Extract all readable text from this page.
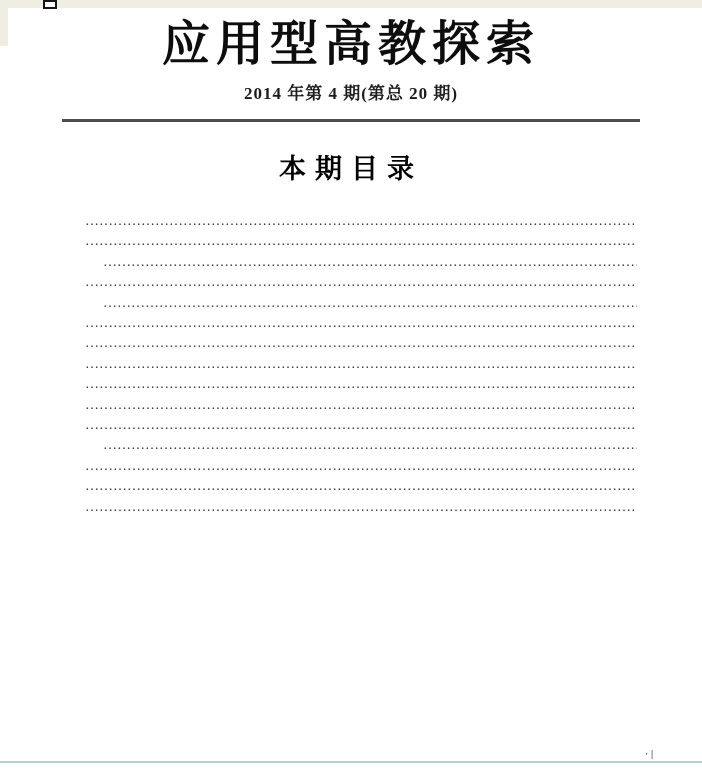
应用型高教探索
2014 年第 4 期(第总 20 期)
本期目录
……………………………………………………………………………………………………………………………………………………
……………………………………………………………………………………………………………………………………………………
……………………………………………………………………………………………………………………………………………………
……………………………………………………………………………………………………………………………………………………
……………………………………………………………………………………………………………………………………………………
……………………………………………………………………………………………………………………………………………………
……………………………………………………………………………………………………………………………………………………
……………………………………………………………………………………………………………………………………………………
……………………………………………………………………………………………………………………………………………………
……………………………………………………………………………………………………………………………………………………
……………………………………………………………………………………………………………………………………………………
……………………………………………………………………………………………………………………………………………………
……………………………………………………………………………………………………………………………………………………
……………………………………………………………………………………………………………………………………………………
……………………………………………………………………………………………………………………………………………………
·|
